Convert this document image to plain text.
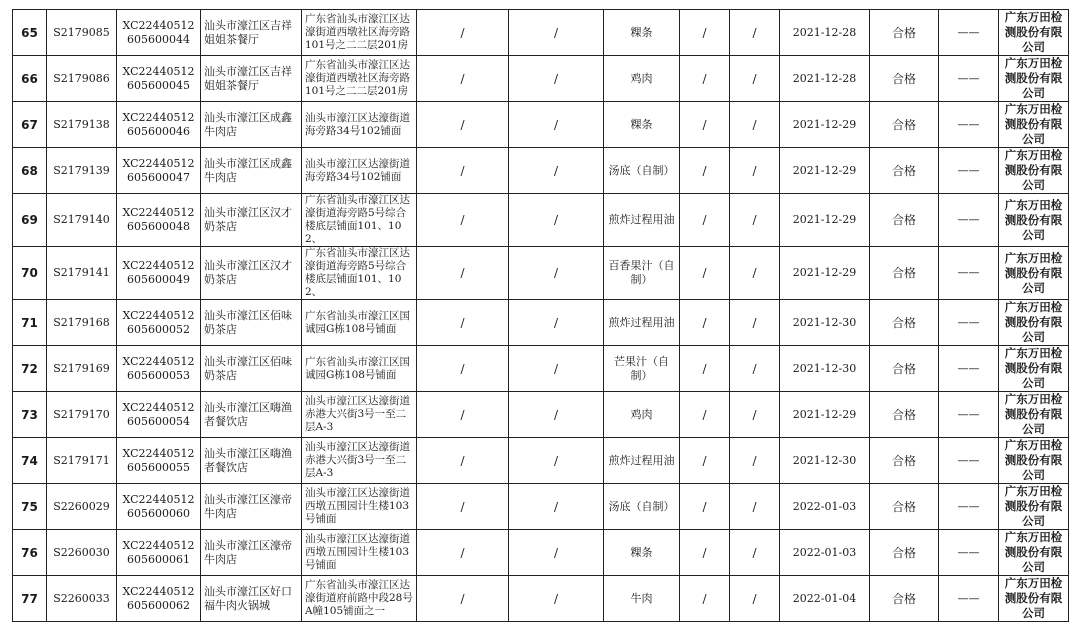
65	S2179085	XC22440512605600044	汕头市濠江区吉祥姐姐茶餐厅	广东省汕头市濠江区达濠街道西墩社区海旁路101号之二二层201房	/	/	粿条	/	/	2021-12-28	合格	——	广东万田检测股份有限公司
66	S2179086	XC22440512605600045	汕头市濠江区吉祥姐姐茶餐厅	广东省汕头市濠江区达濠街道西墩社区海旁路101号之二二层201房	/	/	鸡肉	/	/	2021-12-28	合格	——	广东万田检测股份有限公司
67	S2179138	XC22440512605600046	汕头市濠江区成鑫牛肉店	汕头市濠江区达濠街道海旁路34号102铺面	/	/	粿条	/	/	2021-12-29	合格	——	广东万田检测股份有限公司
68	S2179139	XC22440512605600047	汕头市濠江区成鑫牛肉店	汕头市濠江区达濠街道海旁路34号102铺面	/	/	汤底（自制）	/	/	2021-12-29	合格	——	广东万田检测股份有限公司
69	S2179140	XC22440512605600048	汕头市濠江区汉才奶茶店	广东省汕头市濠江区达濠街道海旁路5号综合楼底层铺面101、102、	/	/	煎炸过程用油	/	/	2021-12-29	合格	——	广东万田检测股份有限公司
70	S2179141	XC22440512605600049	汕头市濠江区汉才奶茶店	广东省汕头市濠江区达濠街道海旁路5号综合楼底层铺面101、102、	/	/	百香果汁（自制）	/	/	2021-12-29	合格	——	广东万田检测股份有限公司
71	S2179168	XC22440512605600052	汕头市濠江区佰味奶茶店	广东省汕头市濠江区国诚园G栋108号铺面	/	/	煎炸过程用油	/	/	2021-12-30	合格	——	广东万田检测股份有限公司
72	S2179169	XC22440512605600053	汕头市濠江区佰味奶茶店	广东省汕头市濠江区国诚园G栋108号铺面	/	/	芒果汁（自制）	/	/	2021-12-30	合格	——	广东万田检测股份有限公司
73	S2179170	XC22440512605600054	汕头市濠江区嗨渔者餐饮店	汕头市濠江区达濠街道赤港大兴街3号一至二层A-3	/	/	鸡肉	/	/	2021-12-29	合格	——	广东万田检测股份有限公司
74	S2179171	XC22440512605600055	汕头市濠江区嗨渔者餐饮店	汕头市濠江区达濠街道赤港大兴街3号一至二层A-3	/	/	煎炸过程用油	/	/	2021-12-30	合格	——	广东万田检测股份有限公司
75	S2260029	XC22440512605600060	汕头市濠江区濠帝牛肉店	汕头市濠江区达濠街道西墩五围园计生楼103号铺面	/	/	汤底（自制）	/	/	2022-01-03	合格	——	广东万田检测股份有限公司
76	S2260030	XC22440512605600061	汕头市濠江区濠帝牛肉店	汕头市濠江区达濠街道西墩五围园计生楼103号铺面	/	/	粿条	/	/	2022-01-03	合格	——	广东万田检测股份有限公司
77	S2260033	XC22440512605600062	汕头市濠江区好口福牛肉火锅城	广东省汕头市濠江区达濠街道府前路中段28号A幢105铺面之一	/	/	牛肉	/	/	2022-01-04	合格	——	广东万田检测股份有限公司
